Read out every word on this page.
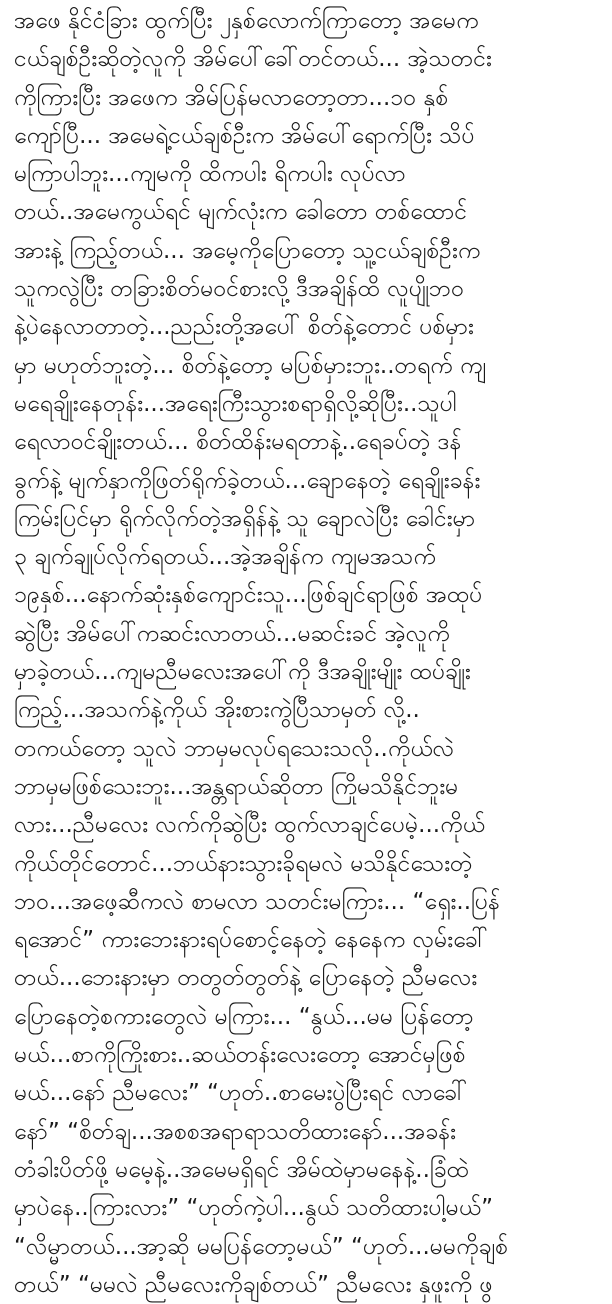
အဖေ နိုင်ငံခြား ထွက်ပြီး ၂နှစ်လောက်ကြာတော့ အမေက
ငယ်ချစ်ဦးဆိုတဲ့လူကို အိမ်ပေါ်ခေါ်တင်တယ်... အဲ့သတင်း
ကိုကြားပြီး အဖေက အိမ်ပြန်မလာတော့တာ...၁၀ နှစ်
ကျော်ပြီ... အမေရဲ့ငယ်ချစ်ဦးက အိမ်ပေါ်ရောက်ပြီး သိပ်
မကြာပါဘူး...ကျမကို ထိကပါး ရိကပါး လုပ်လာ
တယ်..အမေကွယ်ရင် မျက်လုံးက ခေါတော တစ်ထောင်
အားနဲ့ ကြည့်တယ်... အမေ့ကိုပြောတော့ သူ့ငယ်ချစ်ဦးက
သူကလွဲပြီး တခြားစိတ်မဝင်စားလို့ ဒီအချိန်ထိ လူပျိုဘဝ
နဲ့ပဲနေလာတာတဲ့...ညည်းတို့အပေါ် စိတ်နဲ့တောင် ပစ်မှား
မှာ မဟုတ်ဘူးတဲ့... စိတ်နဲ့တော့ မပြစ်မှားဘူး..တရက် ကျ
မရေချိုးနေတုန်း...အရေးကြီးသွားစရာရှိလို့ဆိုပြီး..သူပါ
ရေလာဝင်ချိုးတယ်... စိတ်ထိန်းမရတာနဲ့..ရေခပ်တဲ့ ဒန်
ခွက်နဲ့ မျက်နှာကိုဖြတ်ရိုက်ခဲ့တယ်...ချောနေတဲ့ ရေချိုးခန်း
ကြမ်းပြင်မှာ ရိုက်လိုက်တဲ့အရှိန်နဲ့ သူ ချောလဲပြီး ခေါင်းမှာ
၃ ချက်ချုပ်လိုက်ရတယ်...အဲ့အချိန်က ကျမအသက်
၁၉နှစ်...နောက်ဆုံးနှစ်ကျောင်းသူ...ဖြစ်ချင်ရာဖြစ် အထုပ်
ဆွဲပြီး အိမ်ပေါ်ကဆင်းလာတယ်...မဆင်းခင် အဲ့လူကို
မှာခဲ့တယ်...ကျမညီမလေးအပေါ်ကို ဒီအချိုးမျိုး ထပ်ချိုး
ကြည့်...အသက်နဲ့ကိုယ် အိုးစားကွဲပြီသာမှတ် လို့..
တကယ်တော့ သူလဲ ဘာမှမလုပ်ရသေးသလို..ကိုယ်လဲ
ဘာမှမဖြစ်သေးဘူး...အန္တရာယ်ဆိုတာ ကြိုမသိနိုင်ဘူးမ
လား...ညီမလေး လက်ကိုဆွဲပြီး ထွက်လာချင်ပေမဲ့...ကိုယ်
ကိုယ်တိုင်တောင်...ဘယ်နားသွားခိုရမလဲ မသိနိုင်သေးတဲ့
ဘဝ...အဖေ့ဆီကလဲ စာမလာ သတင်းမကြား... “ရှေး..ပြန်
ရအောင်” ကားဘေးနားရပ်စောင့်နေတဲ့ နေနေက လှမ်းခေါ်
တယ်...ဘေးနားမှာ တတွတ်တွတ်နဲ့ ပြောနေတဲ့ ညီမလေး
ပြောနေတဲ့စကားတွေလဲ မကြား... “နွယ်...မမ ပြန်တော့
မယ်...စာကိုကြိုးစား..ဆယ်တန်းလေးတော့ အောင်မှဖြစ်
မယ်...နော် ညီမလေး” “ဟုတ်..စာမေးပွဲပြီးရင် လာခေါ်
နော်” “စိတ်ချ...အစစအရာရာသတိထားနော်...အခန်း
တံခါးပိတ်ဖို့ မမေ့နဲ့..အမေမရှိရင် အိမ်ထဲမှာမနေနဲ့..ခြံထဲ
မှာပဲနေ..ကြားလား” “ဟုတ်ကဲ့ပါ...နွယ် သတိထားပါ့မယ်”
“လိမ္မာတယ်...အာ့ဆို မမပြန်တော့မယ်” “ဟုတ်...မမကိုချစ်
တယ်” “မမလဲ ညီမလေးကိုချစ်တယ်” ညီမလေး နှဖူးကို ဖွ
